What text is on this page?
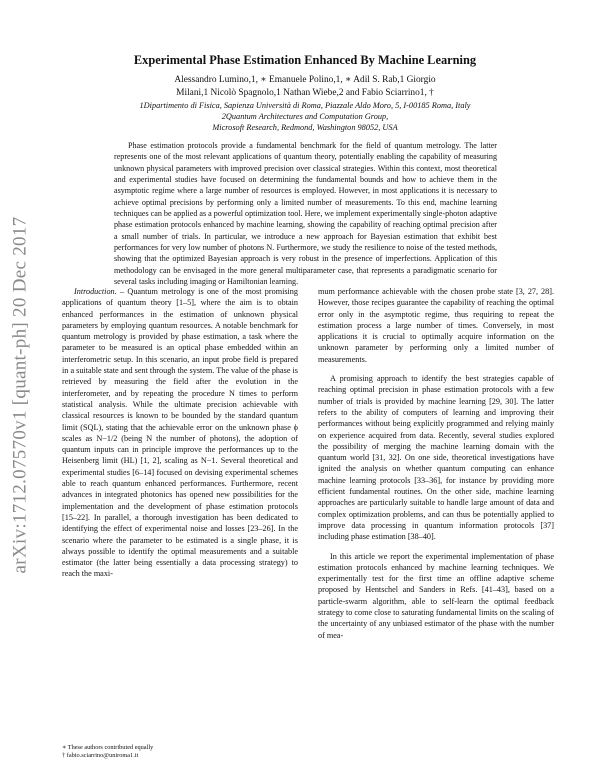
arXiv:1712.07570v1 [quant-ph] 20 Dec 2017
Experimental Phase Estimation Enhanced By Machine Learning
Alessandro Lumino,1, ∗ Emanuele Polino,1, ∗ Adil S. Rab,1 Giorgio
Milani,1 Nicolò Spagnolo,1 Nathan Wiebe,2 and Fabio Sciarrino1, †
1Dipartimento di Fisica, Sapienza Università di Roma, Piazzale Aldo Moro, 5, I-00185 Roma, Italy
2Quantum Architectures and Computation Group,
Microsoft Research, Redmond, Washington 98052, USA

Phase estimation protocols provide a fundamental benchmark for the field of quantum metrology. The latter represents one of the most relevant applications of quantum theory, potentially enabling the capability of measuring unknown physical parameters with improved precision over classical strategies. Within this context, most theoretical and experimental studies have focused on determining the fundamental bounds and how to achieve them in the asymptotic regime where a large number of resources is employed. However, in most applications it is necessary to achieve optimal precisions by performing only a limited number of measurements. To this end, machine learning techniques can be applied as a powerful optimization tool. Here, we implement experimentally single-photon adaptive phase estimation protocols enhanced by machine learning, showing the capability of reaching optimal precision after a small number of trials. In particular, we introduce a new approach for Bayesian estimation that exhibit best performances for very low number of photons N. Furthermore, we study the resilience to noise of the tested methods, showing that the optimized Bayesian approach is very robust in the presence of imperfections. Application of this methodology can be envisaged in the more general multiparameter case, that represents a paradigmatic scenario for several tasks including imaging or Hamiltonian learning.

Introduction. – Quantum metrology is one of the most promising applications of quantum theory [1–5], where the aim is to obtain enhanced performances in the estimation of unknown physical parameters by employing quantum resources. A notable benchmark for quantum metrology is provided by phase estimation, a task where the parameter to be measured is an optical phase embedded within an interferometric setup. In this scenario, an input probe field is prepared in a suitable state and sent through the system. The value of the phase is retrieved by measuring the field after the evolution in the interferometer, and by repeating the procedure N times to perform statistical analysis. While the ultimate precision achievable with classical resources is known to be bounded by the standard quantum limit (SQL), stating that the achievable error on the unknown phase ϕ scales as N−1/2 (being N the number of photons), the adoption of quantum inputs can in principle improve the performances up to the Heisenberg limit (HL) [1, 2], scaling as N−1. Several theoretical and experimental studies [6–14] focused on devising experimental schemes able to reach quantum enhanced performances. Furthermore, recent advances in integrated photonics has opened new possibilities for the implementation and the development of phase estimation protocols [15–22]. In parallel, a thorough investigation has been dedicated to identifying the effect of experimental noise and losses [23–26]. In the scenario where the parameter to be estimated is a single phase, it is always possible to identify the optimal measurements and a suitable estimator (the latter being essentially a data processing strategy) to reach the maxi-

mum performance achievable with the chosen probe state [3, 27, 28]. However, those recipes guarantee the capability of reaching the optimal error only in the asymptotic regime, thus requiring to repeat the estimation process a large number of times. Conversely, in most applications it is crucial to optimally acquire information on the unknown parameter by performing only a limited number of measurements.

A promising approach to identify the best strategies capable of reaching optimal precision in phase estimation protocols with a few number of trials is provided by machine learning [29, 30]. The latter refers to the ability of computers of learning and improving their performances without being explicitly programmed and relying mainly on experience acquired from data. Recently, several studies explored the possibility of merging the machine learning domain with the quantum world [31, 32]. On one side, theoretical investigations have ignited the analysis on whether quantum computing can enhance machine learning protocols [33–36], for instance by providing more efficient fundamental routines. On the other side, machine learning approaches are particularly suitable to handle large amount of data and complex optimization problems, and can thus be potentially applied to improve data processing in quantum information protocols [37] including phase estimation [38–40].

In this article we report the experimental implementation of phase estimation protocols enhanced by machine learning techniques. We experimentally test for the first time an offline adaptive scheme proposed by Hentschel and Sanders in Refs. [41–43], based on a particle-swarm algorithm, able to self-learn the optimal feedback strategy to come close to saturating fundamental limits on the scaling of the uncertainty of any unbiased estimator of the phase with the number of mea-

∗ These authors contributed equally
† fabio.sciarrino@uniroma1.it
